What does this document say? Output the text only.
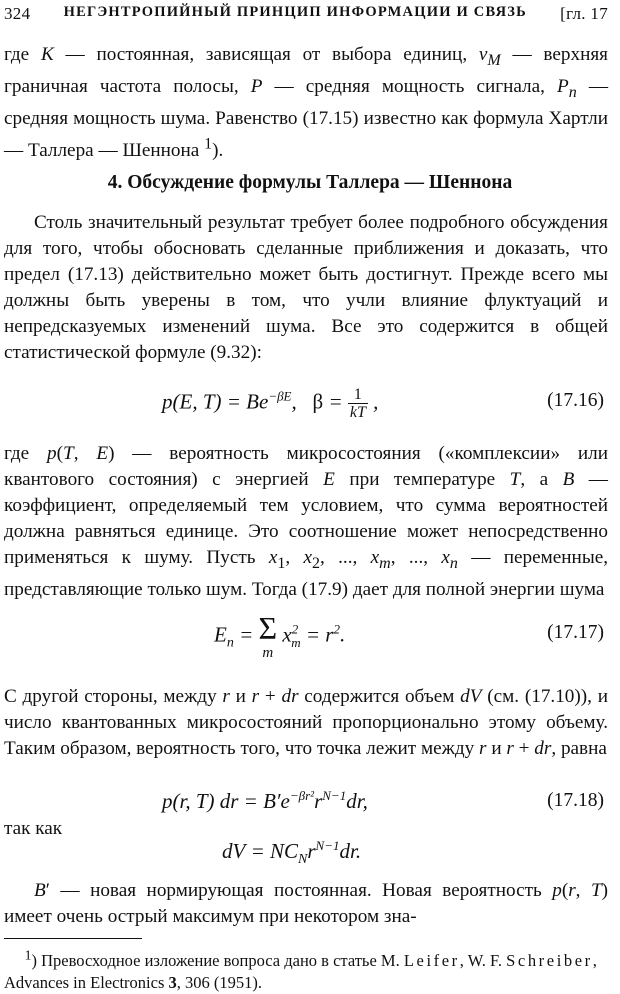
324 НЕГЭНТРОПИЙНЫЙ ПРИНЦИП ИНФОРМАЦИИ И СВЯЗЬ [гл. 17
где K — постоянная, зависящая от выбора единиц, $\nu_M$ — верхняя граничная частота полосы, P — средняя мощность сигнала, $P_n$ — средняя мощность шума. Равенство (17.15) известно как формула Хартли — Таллера — Шеннона $^1$).
4. Обсуждение формулы Таллера — Шеннона
Столь значительный результат требует более подробного обсуждения для того, чтобы обосновать сделанные приближения и доказать, что предел (17.13) действительно может быть достигнут. Прежде всего мы должны быть уверены в том, что учли влияние флуктуаций и непредсказуемых изменений шума. Все это содержится в общей статистической формуле (9.32):
p(E, $T) = Be^{-\beta E}$,   $\beta = \frac{1}{kT}$ ,	(17.16)
где p(T, E) — вероятность микросостояния («комплексии» или квантового состояния) с энергией E при температуре T, а B — коэффициент, определяемый тем условием, что сумма вероятностей должна равняться единице. Это соотношение может непосредственно применяться к шуму. Пусть $x_1$, $x_2$, ..., $x_m$, ..., $x_n$ — переменные, представляющие только шум. Тогда (17.9) дает для полной энергии шума
$E_n = \Sigma$
m
$x^2_m = r^2$.	(17.17)
С другой стороны, между r и r + dr содержится объем dV (см. (17.10)), и число квантованных микросостояний пропорционально этому объему. Таким образом, вероятность того, что точка лежит между r и r + dr, равна
p(r, T) dr = $B'e^{-\beta r^2}r^{N-1}dr$,	(17.18)
так как
dV = $NC_Nr^{N-1}dr$.
B′ — новая нормирующая постоянная. Новая вероятность p(r, T) имеет очень острый максимум при некотором зна-
$^1$) Превосходное изложение вопроса дано в статье M. Leifer, W. F. Schreiber, Advances in Electronics 3, 306 (1951).
